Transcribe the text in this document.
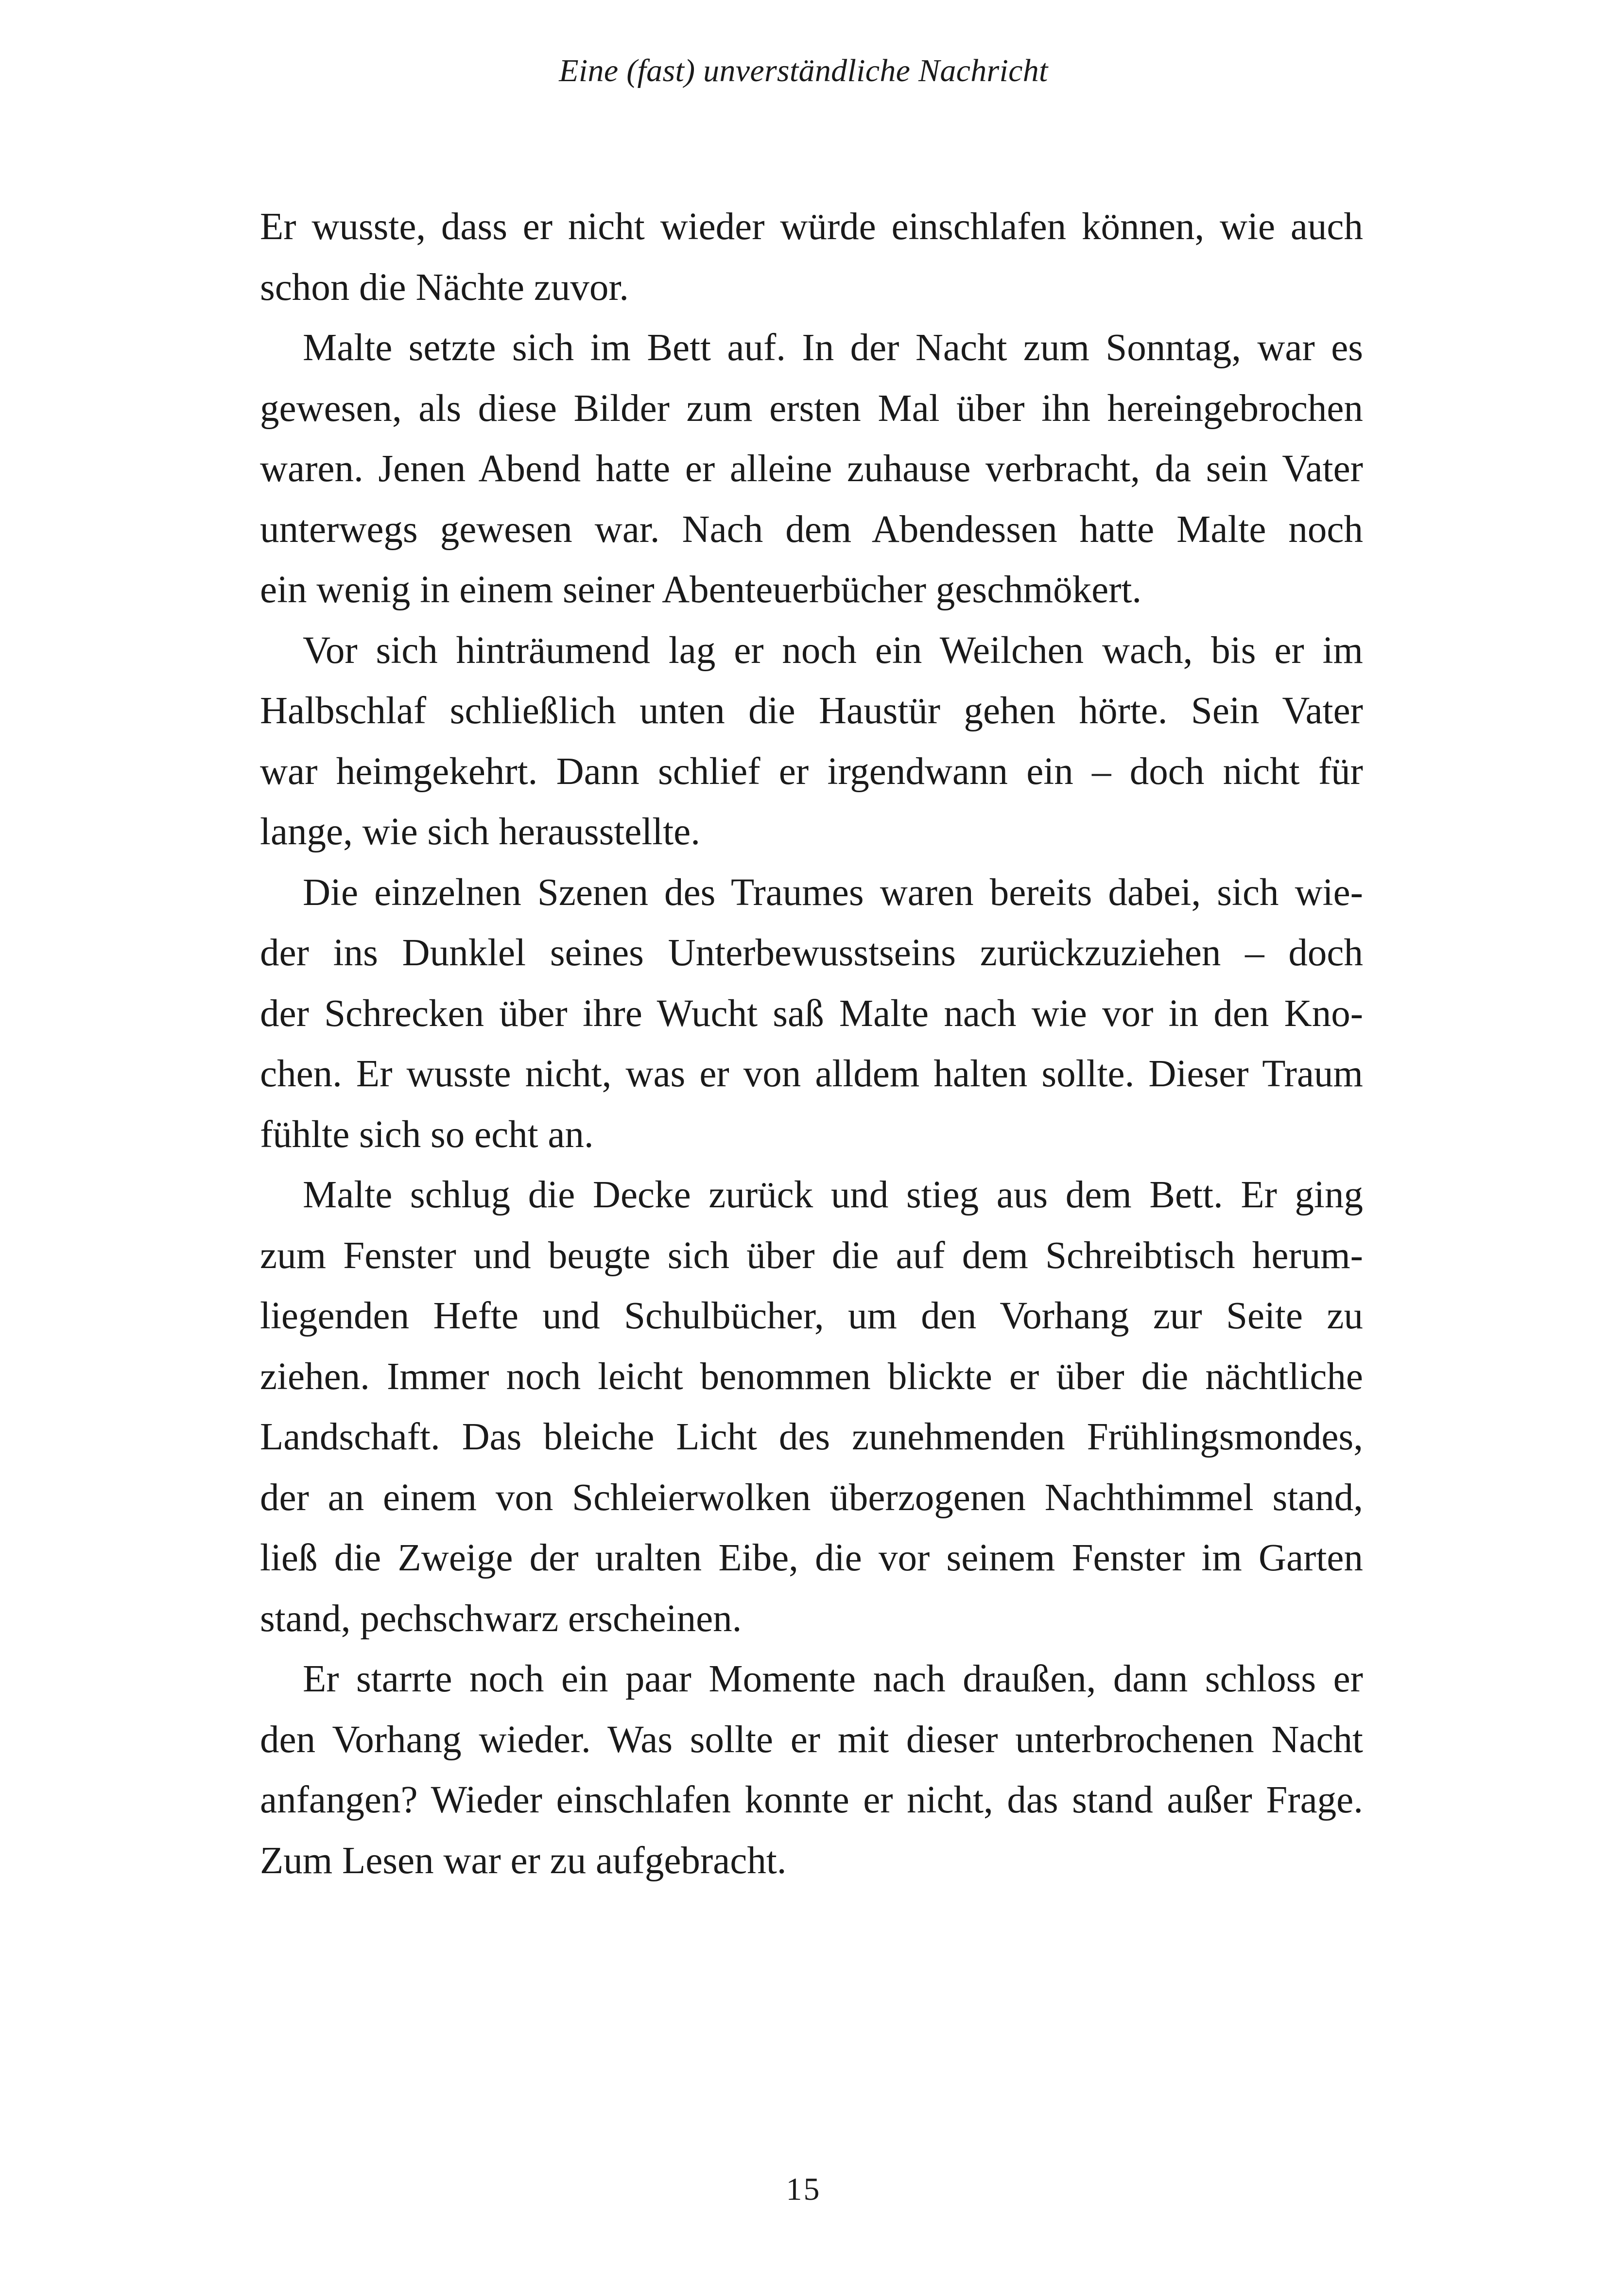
Eine (fast) unverständliche Nachricht
Er wusste, dass er nicht wieder würde einschlafen können, wie auch
schon die Nächte zuvor.
Malte setzte sich im Bett auf. In der Nacht zum Sonntag, war es
gewesen, als diese Bilder zum ersten Mal über ihn hereingebrochen
waren. Jenen Abend hatte er alleine zuhause verbracht, da sein Vater
unterwegs gewesen war. Nach dem Abendessen hatte Malte noch
ein wenig in einem seiner Abenteuerbücher geschmökert.
Vor sich hinträumend lag er noch ein Weilchen wach, bis er im
Halbschlaf schließlich unten die Haustür gehen hörte. Sein Vater
war heimgekehrt. Dann schlief er irgendwann ein – doch nicht für
lange, wie sich herausstellte.
Die einzelnen Szenen des Traumes waren bereits dabei, sich wie-
der ins Dunklel seines Unterbewusstseins zurückzuziehen – doch
der Schrecken über ihre Wucht saß Malte nach wie vor in den Kno-
chen. Er wusste nicht, was er von alldem halten sollte. Dieser Traum
fühlte sich so echt an.
Malte schlug die Decke zurück und stieg aus dem Bett. Er ging
zum Fenster und beugte sich über die auf dem Schreibtisch herum-
liegenden Hefte und Schulbücher, um den Vorhang zur Seite zu
ziehen. Immer noch leicht benommen blickte er über die nächtliche
Landschaft. Das bleiche Licht des zunehmenden Frühlingsmondes,
der an einem von Schleierwolken überzogenen Nachthimmel stand,
ließ die Zweige der uralten Eibe, die vor seinem Fenster im Garten
stand, pechschwarz erscheinen.
Er starrte noch ein paar Momente nach draußen, dann schloss er
den Vorhang wieder. Was sollte er mit dieser unterbrochenen Nacht
anfangen? Wieder einschlafen konnte er nicht, das stand außer Frage.
Zum Lesen war er zu aufgebracht.
15
